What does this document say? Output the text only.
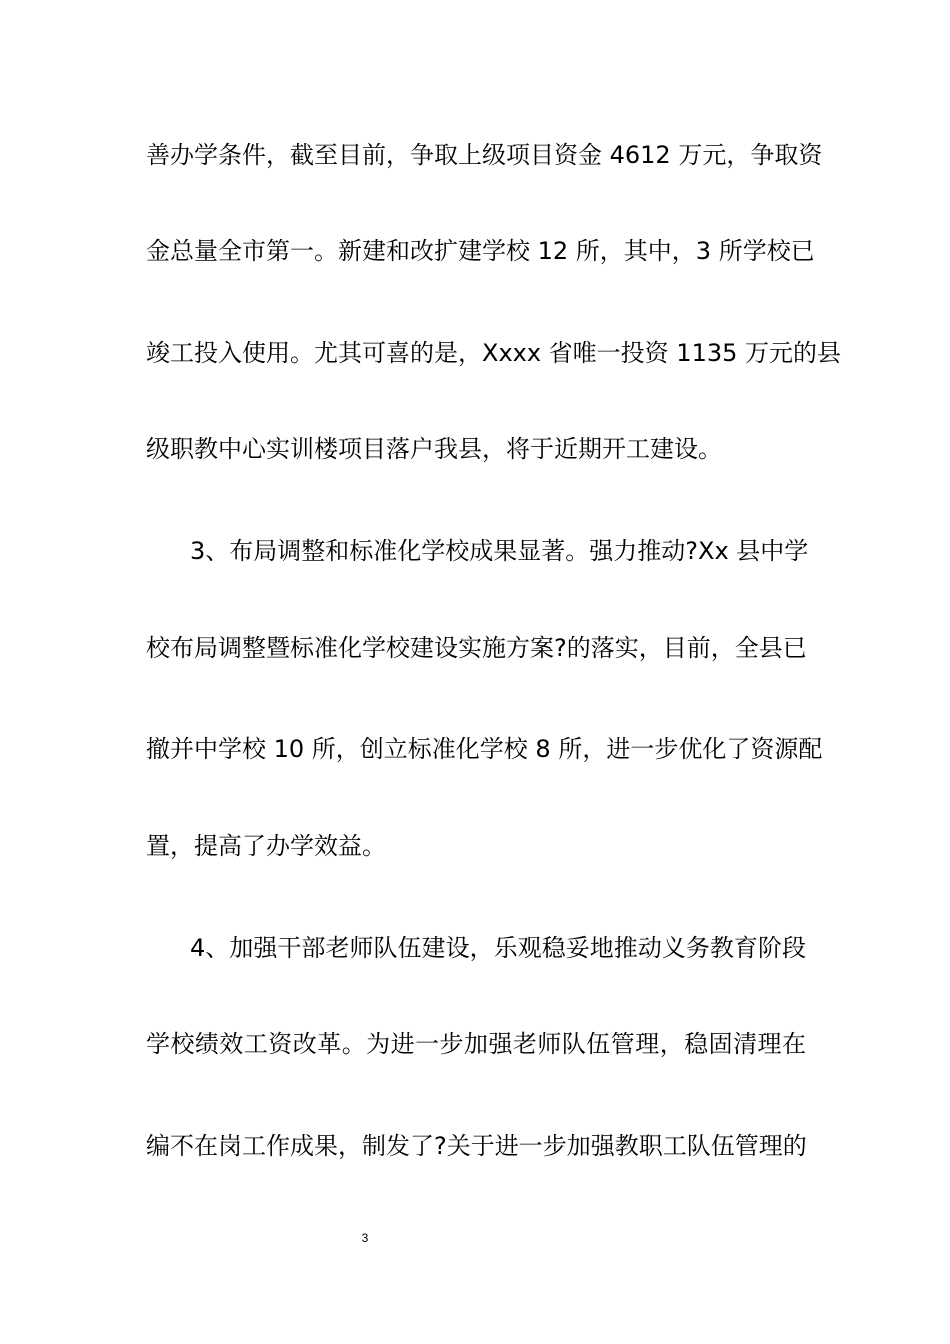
善办学条件，截至目前，争取上级项目资金 4612 万元，争取资
金总量全市第一。新建和改扩建学校 12 所，其中，3 所学校已
竣工投入使用。尤其可喜的是，Xxxx 省唯一投资 1135 万元的县
级职教中心实训楼项目落户我县，将于近期开工建设。
3、布局调整和标准化学校成果显著。强力推动?Xx 县中学
校布局调整暨标准化学校建设实施方案?的落实，目前，全县已
撤并中学校 10 所，创立标准化学校 8 所，进一步优化了资源配
置，提高了办学效益。
4、加强干部老师队伍建设，乐观稳妥地推动义务教育阶段
学校绩效工资改革。为进一步加强老师队伍管理，稳固清理在
编不在岗工作成果，制发了?关于进一步加强教职工队伍管理的
3
